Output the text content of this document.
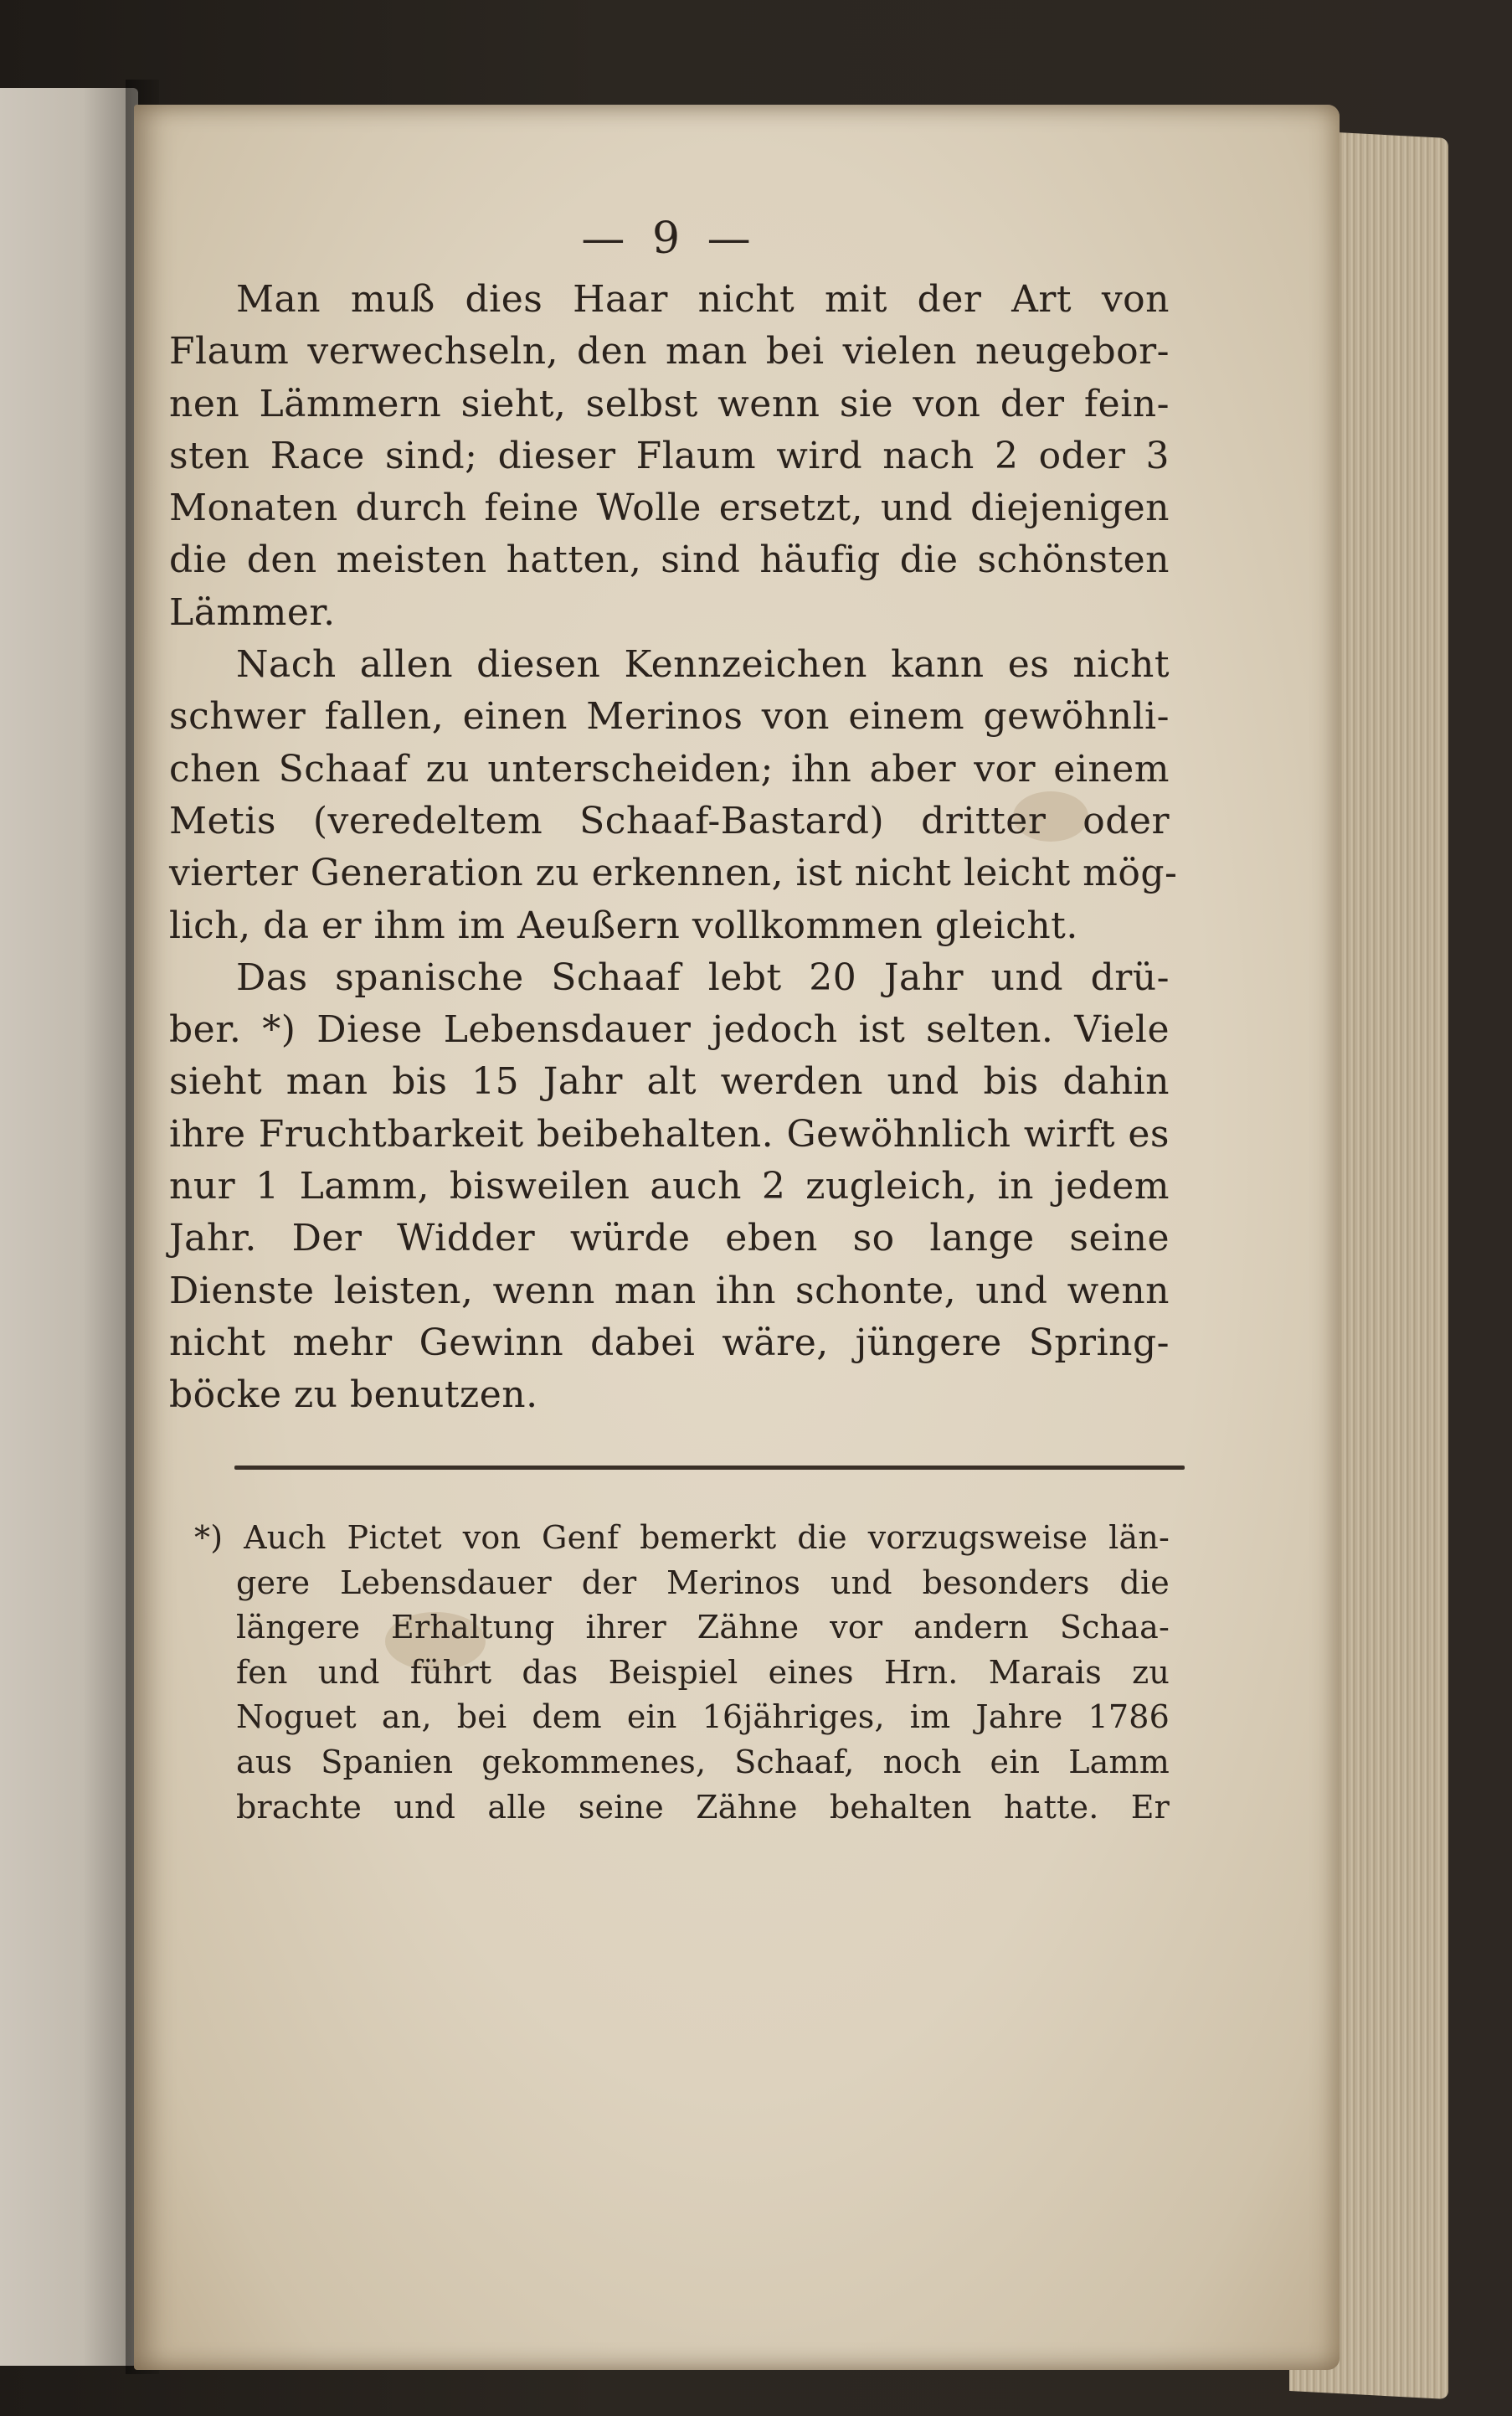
— 9 —
Man muß dies Haar nicht mit der Art von
Flaum verwechseln, den man bei vielen neugebor-
nen Lämmern sieht, selbst wenn sie von der fein-
sten Race sind; dieser Flaum wird nach 2 oder 3
Monaten durch feine Wolle ersetzt, und diejenigen
die den meisten hatten, sind häufig die schönsten
Lämmer.
Nach allen diesen Kennzeichen kann es nicht
schwer fallen, einen Merinos von einem gewöhnli-
chen Schaaf zu unterscheiden; ihn aber vor einem
Metis (veredeltem Schaaf-Bastard) dritter oder
vierter Generation zu erkennen, ist nicht leicht mög-
lich, da er ihm im Aeußern vollkommen gleicht.
Das spanische Schaaf lebt 20 Jahr und drü-
ber. *) Diese Lebensdauer jedoch ist selten. Viele
sieht man bis 15 Jahr alt werden und bis dahin
ihre Fruchtbarkeit beibehalten. Gewöhnlich wirft es
nur 1 Lamm, bisweilen auch 2 zugleich, in jedem
Jahr. Der Widder würde eben so lange seine
Dienste leisten, wenn man ihn schonte, und wenn
nicht mehr Gewinn dabei wäre, jüngere Spring-
böcke zu benutzen.
*) Auch Pictet von Genf bemerkt die vorzugsweise län-
gere Lebensdauer der Merinos und besonders die
längere Erhaltung ihrer Zähne vor andern Schaa-
fen und führt das Beispiel eines Hrn. Marais zu
Noguet an, bei dem ein 16jähriges, im Jahre 1786
aus Spanien gekommenes, Schaaf, noch ein Lamm
brachte und alle seine Zähne behalten hatte. Er
